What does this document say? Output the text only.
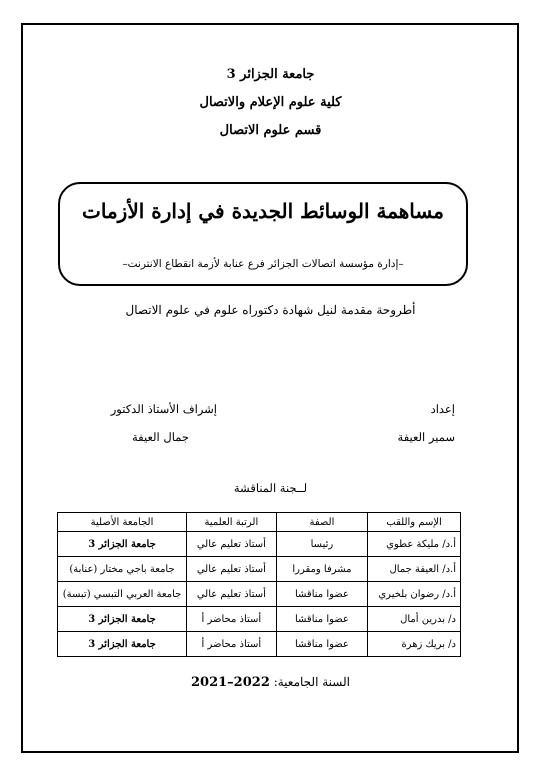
جامعة الجزائر 3
كلية علوم الإعلام والاتصال
قسم علوم الاتصال
مساهمة الوسائط الجديدة في إدارة الأزمات
–إدارة مؤسسة اتصالات الجزائر فرع عنابة لأزمة انقطاع الانترنت–
أطروحة مقدمة لنيل شهادة دكتوراه علوم في علوم الاتصال
إعداد
سمير العيفة
إشراف الأستاذ الدكتور
جمال العيفة
لــجنة المناقشة
الإسم واللقب	الصفة	الرتبة العلمية	الجامعة الأصلية
أ.د/ مليكة عطوي	رئيسا	أستاذ تعليم عالي	جامعة الجزائر 3
أ.د/ العيفة جمال	مشرفا ومقررا	أستاذ تعليم عالي	جامعة باجي مختار (عنابة)
أ.د/ رضوان بلخيري	عضوا مناقشا	أستاذ تعليم عالي	جامعة العربي التبسي (تبسة)
د/ بدرين أمال	عضوا مناقشا	أستاذ محاضر أ	جامعة الجزائر 3
د/ بريك زهرة	عضوا مناقشا	أستاذ محاضر أ	جامعة الجزائر 3
السنة الجامعية: 2021–2022
